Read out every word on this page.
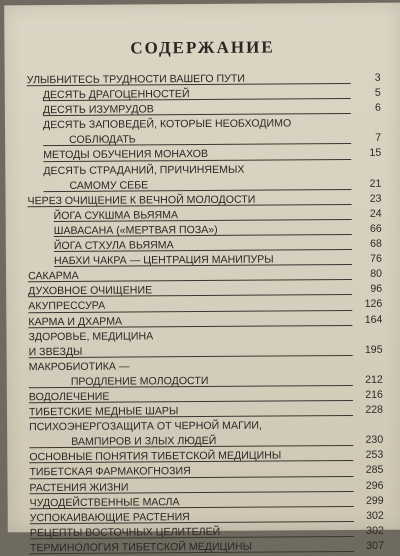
СОДЕРЖАНИЕ
УЛЫБНИТЕСЬ ТРУДНОСТИ ВАШЕГО ПУТИ	3
ДЕСЯТЬ ДРАГОЦЕННОСТЕЙ	5
ДЕСЯТЬ ИЗУМРУДОВ	6
ДЕСЯТЬ ЗАПОВЕДЕЙ, КОТОРЫЕ НЕОБХОДИМО
СОБЛЮДАТЬ	7
МЕТОДЫ ОБУЧЕНИЯ МОНАХОВ	15
ДЕСЯТЬ СТРАДАНИЙ, ПРИЧИНЯЕМЫХ
САМОМУ СЕБЕ	21
ЧЕРЕЗ ОЧИЩЕНИЕ К ВЕЧНОЙ МОЛОДОСТИ	23
ЙОГА СУКШМА ВЬЯЯМА	24
ШАВАСАНА («МЕРТВАЯ ПОЗА»)	66
ЙОГА СТХУЛА ВЬЯЯМА	68
НАБХИ ЧАКРА — ЦЕНТРАЦИЯ МАНИПУРЫ	76
САКАРМА	80
ДУХОВНОЕ ОЧИЩЕНИЕ	96
АКУПРЕССУРА	126
КАРМА И ДХАРМА	164
ЗДОРОВЬЕ, МЕДИЦИНА
И ЗВЕЗДЫ	195
МАКРОБИОТИКА —
ПРОДЛЕНИЕ МОЛОДОСТИ	212
ВОДОЛЕЧЕНИЕ	216
ТИБЕТСКИЕ МЕДНЫЕ ШАРЫ	228
ПСИХОЭНЕРГОЗАЩИТА ОТ ЧЕРНОЙ МАГИИ,
ВАМПИРОВ И ЗЛЫХ ЛЮДЕЙ	230
ОСНОВНЫЕ ПОНЯТИЯ ТИБЕТСКОЙ МЕДИЦИНЫ	253
ТИБЕТСКАЯ ФАРМАКОГНОЗИЯ	285
РАСТЕНИЯ ЖИЗНИ	296
ЧУДОДЕЙСТВЕННЫЕ МАСЛА	299
УСПОКАИВАЮЩИЕ РАСТЕНИЯ	302
РЕЦЕПТЫ ВОСТОЧНЫХ ЦЕЛИТЕЛЕЙ	302
ТЕРМИНОЛОГИЯ ТИБЕТСКОЙ МЕДИЦИНЫ	307
